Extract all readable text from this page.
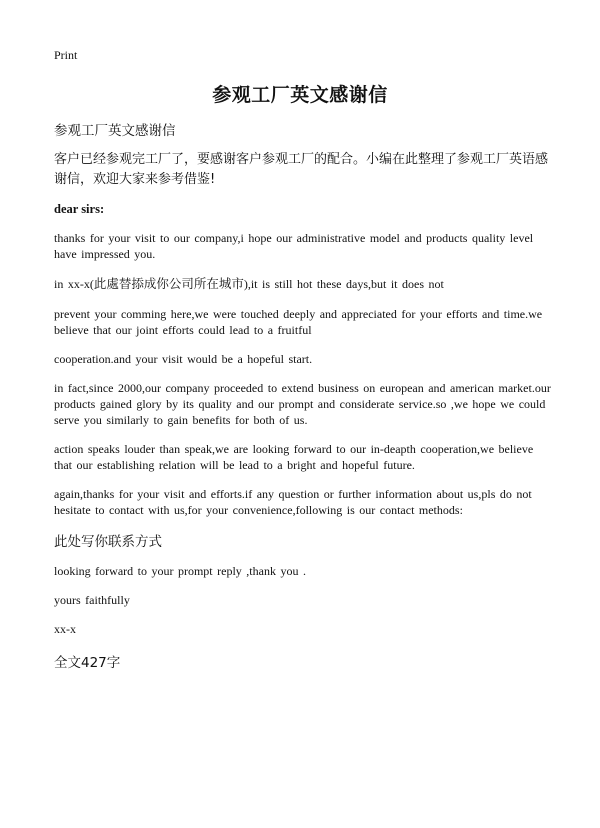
Print
参观工厂英文感谢信
参观工厂英文感谢信
客户已经参观完工厂了，要感谢客户参观工厂的配合。小编在此整理了参观工厂英语感谢信，欢迎大家来参考借鉴!
dear sirs:
thanks for your visit to our company,i hope our administrative model and products quality level have impressed you.
in xx-x(此處替掭成你公司所在城市),it is still hot these days,but it does not
prevent your comming here,we were touched deeply and appreciated for your efforts and time.we believe that our joint efforts could lead to a fruitful
cooperation.and your visit would be a hopeful start.
in fact,since 2000,our company proceeded to extend business on european and american market.our products gained glory by its quality and our prompt and considerate service.so ,we hope we could serve you similarly to gain benefits for both of us.
action speaks louder than speak,we are looking forward to our in-deapth cooperation,we believe that our establishing relation will be lead to a bright and hopeful future.
again,thanks for your visit and efforts.if any question or further information about us,pls do not hesitate to contact with us,for your convenience,following is our contact methods:
此处写你联系方式
looking forward to your prompt reply ,thank you .
yours faithfully
xx-x
全文427字
